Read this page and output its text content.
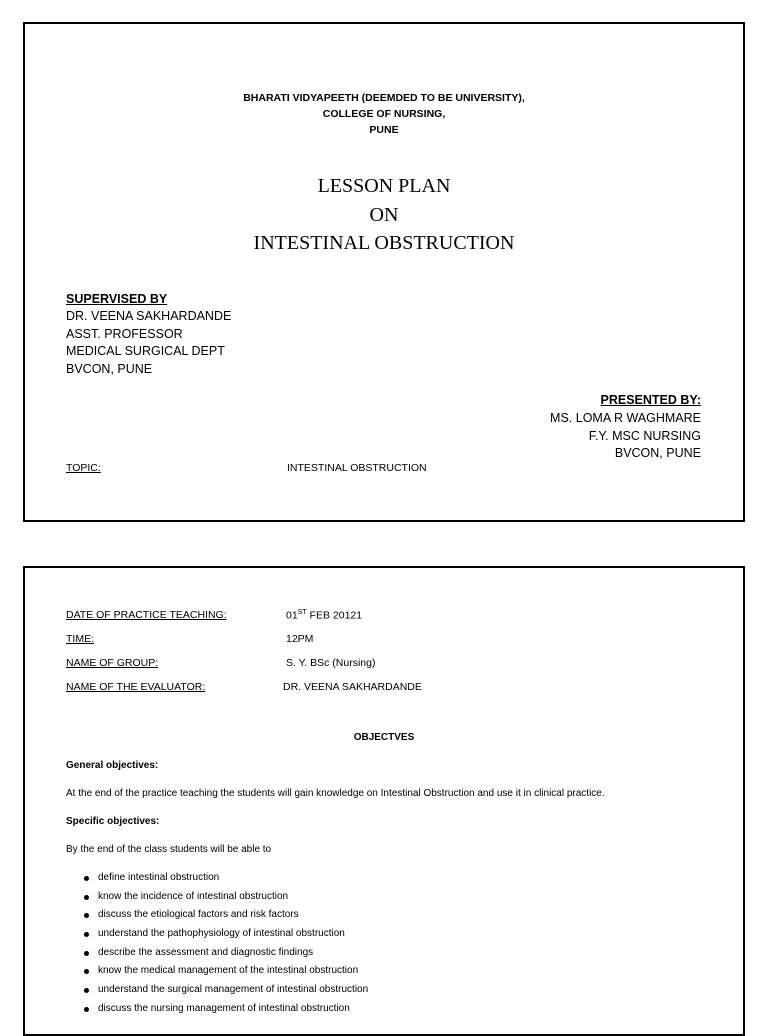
BHARATI VIDYAPEETH (DEEMDED TO BE UNIVERSITY),
COLLEGE OF NURSING,
PUNE
LESSON PLAN
ON
INTESTINAL OBSTRUCTION
SUPERVISED BY
DR. VEENA SAKHARDANDE
ASST. PROFESSOR
MEDICAL SURGICAL DEPT
BVCON, PUNE
PRESENTED BY:
MS. LOMA R WAGHMARE
F.Y. MSC NURSING
BVCON, PUNE
TOPIC:	INTESTINAL OBSTRUCTION
DATE OF PRACTICE TEACHING:	01ST FEB 20121
TIME:	12PM
NAME OF GROUP:	S. Y. BSc (Nursing)
NAME OF THE EVALUATOR:	DR. VEENA SAKHARDANDE
OBJECTVES
General objectives:
At the end of the practice teaching the students will gain knowledge on Intestinal Obstruction and use it in clinical practice.
Specific objectives:
By the end of the class students will be able to
define intestinal obstruction
know the incidence of intestinal obstruction
discuss the etiological factors and risk factors
understand the pathophysiology of intestinal obstruction
describe the assessment and diagnostic findings
know the medical management of the intestinal obstruction
understand the surgical management of intestinal obstruction
discuss the nursing management of intestinal obstruction
